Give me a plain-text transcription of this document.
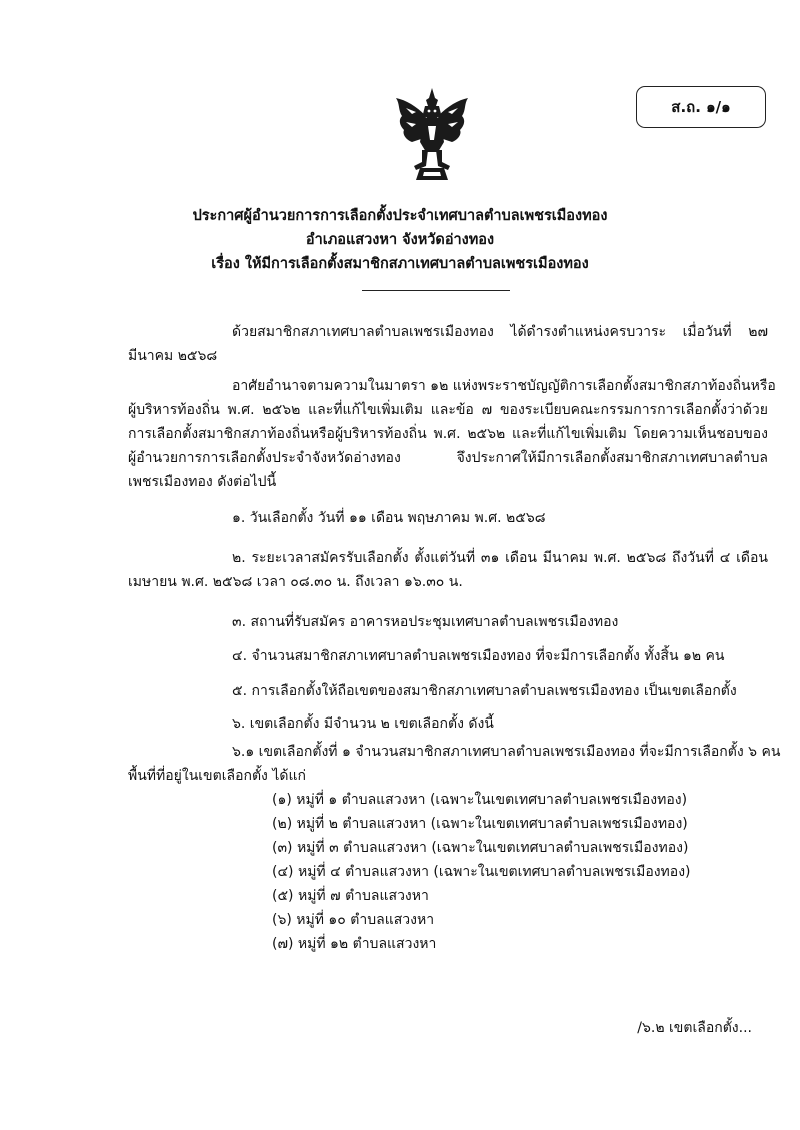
ส.ถ. ๑/๑
ประกาศผู้อำนวยการการเลือกตั้งประจำเทศบาลตำบลเพชรเมืองทอง
อำเภอแสวงหา จังหวัดอ่างทอง
เรื่อง ให้มีการเลือกตั้งสมาชิกสภาเทศบาลตำบลเพชรเมืองทอง
ด้วยสมาชิกสภาเทศบาลตำบลเพชรเมืองทอง ได้ดำรงตำแหน่งครบวาระ เมื่อวันที่ ๒๗
มีนาคม ๒๕๖๘
อาศัยอำนาจตามความในมาตรา ๑๒ แห่งพระราชบัญญัติการเลือกตั้งสมาชิกสภาท้องถิ่นหรือ
ผู้บริหารท้องถิ่น พ.ศ. ๒๕๖๒ และที่แก้ไขเพิ่มเติม และข้อ ๗ ของระเบียบคณะกรรมการการเลือกตั้งว่าด้วย
การเลือกตั้งสมาชิกสภาท้องถิ่นหรือผู้บริหารท้องถิ่น พ.ศ. ๒๕๖๒ และที่แก้ไขเพิ่มเติม โดยความเห็นชอบของ
ผู้อำนวยการการเลือกตั้งประจำจังหวัดอ่างทอง จึงประกาศให้มีการเลือกตั้งสมาชิกสภาเทศบาลตำบล
เพชรเมืองทอง ดังต่อไปนี้
๑. วันเลือกตั้ง วันที่ ๑๑ เดือน พฤษภาคม พ.ศ. ๒๕๖๘
๒. ระยะเวลาสมัครรับเลือกตั้ง ตั้งแต่วันที่ ๓๑ เดือน มีนาคม พ.ศ. ๒๕๖๘ ถึงวันที่ ๔ เดือน
เมษายน พ.ศ. ๒๕๖๘ เวลา ๐๘.๓๐ น. ถึงเวลา ๑๖.๓๐ น.
๓. สถานที่รับสมัคร อาคารหอประชุมเทศบาลตำบลเพชรเมืองทอง
๔. จำนวนสมาชิกสภาเทศบาลตำบลเพชรเมืองทอง ที่จะมีการเลือกตั้ง ทั้งสิ้น ๑๒ คน
๕. การเลือกตั้งให้ถือเขตของสมาชิกสภาเทศบาลตำบลเพชรเมืองทอง เป็นเขตเลือกตั้ง
๖. เขตเลือกตั้ง มีจำนวน ๒ เขตเลือกตั้ง ดังนี้
๖.๑ เขตเลือกตั้งที่ ๑ จำนวนสมาชิกสภาเทศบาลตำบลเพชรเมืองทอง ที่จะมีการเลือกตั้ง ๖ คน
พื้นที่ที่อยู่ในเขตเลือกตั้ง ได้แก่
(๑) หมู่ที่ ๑ ตำบลแสวงหา (เฉพาะในเขตเทศบาลตำบลเพชรเมืองทอง)
(๒) หมู่ที่ ๒ ตำบลแสวงหา (เฉพาะในเขตเทศบาลตำบลเพชรเมืองทอง)
(๓) หมู่ที่ ๓ ตำบลแสวงหา (เฉพาะในเขตเทศบาลตำบลเพชรเมืองทอง)
(๔) หมู่ที่ ๔ ตำบลแสวงหา (เฉพาะในเขตเทศบาลตำบลเพชรเมืองทอง)
(๕) หมู่ที่ ๗ ตำบลแสวงหา
(๖) หมู่ที่ ๑๐ ตำบลแสวงหา
(๗) หมู่ที่ ๑๒ ตำบลแสวงหา
/๖.๒ เขตเลือกตั้ง...
